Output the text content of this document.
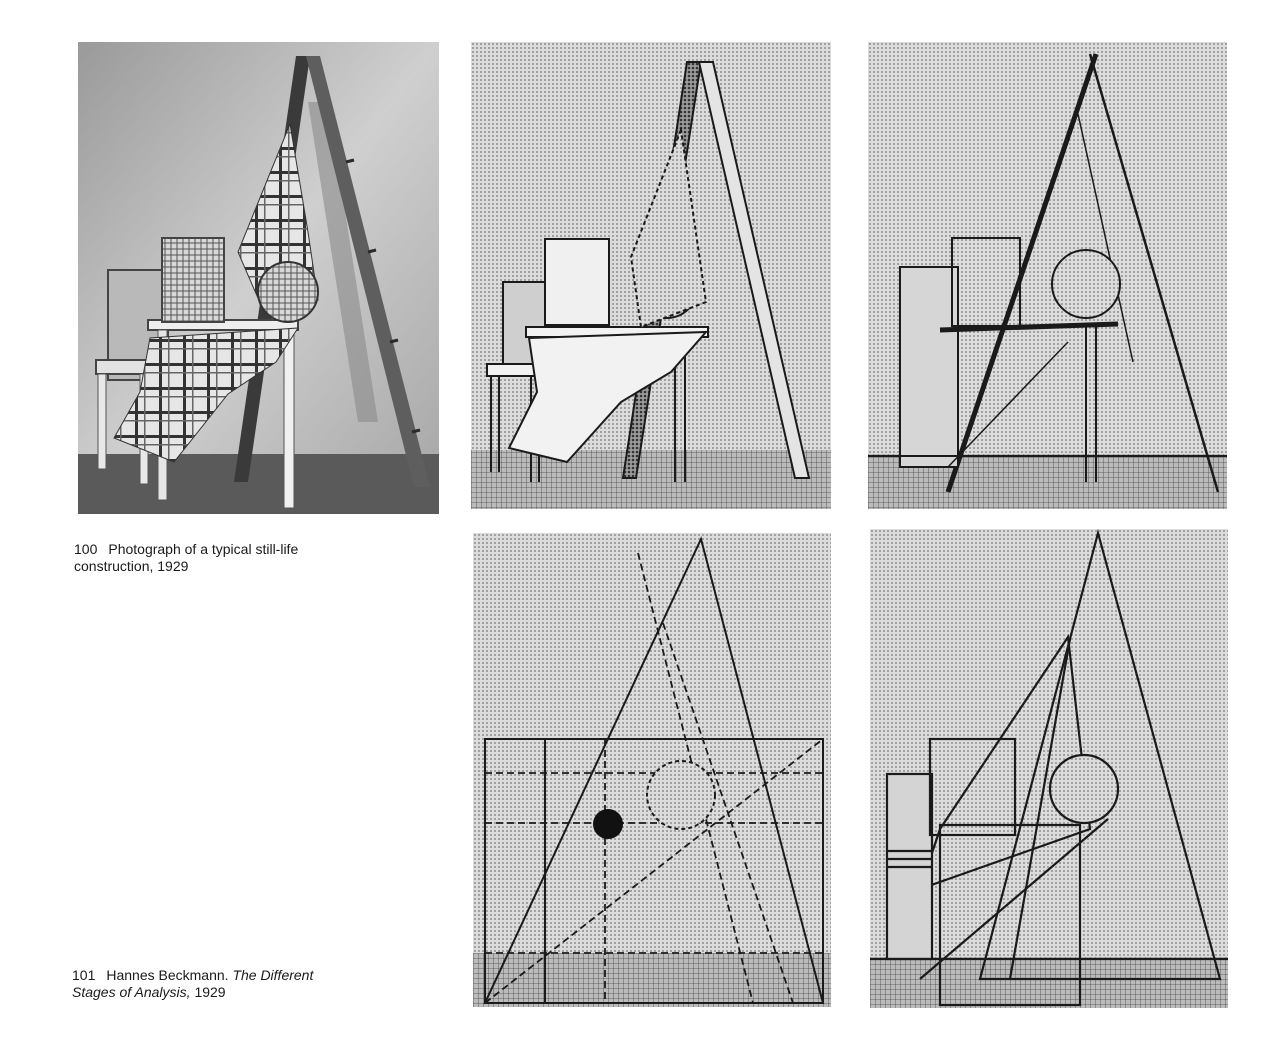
100 Photograph of a typical still-life
construction, 1929
101 Hannes Beckmann. The Different
Stages of Analysis, 1929
